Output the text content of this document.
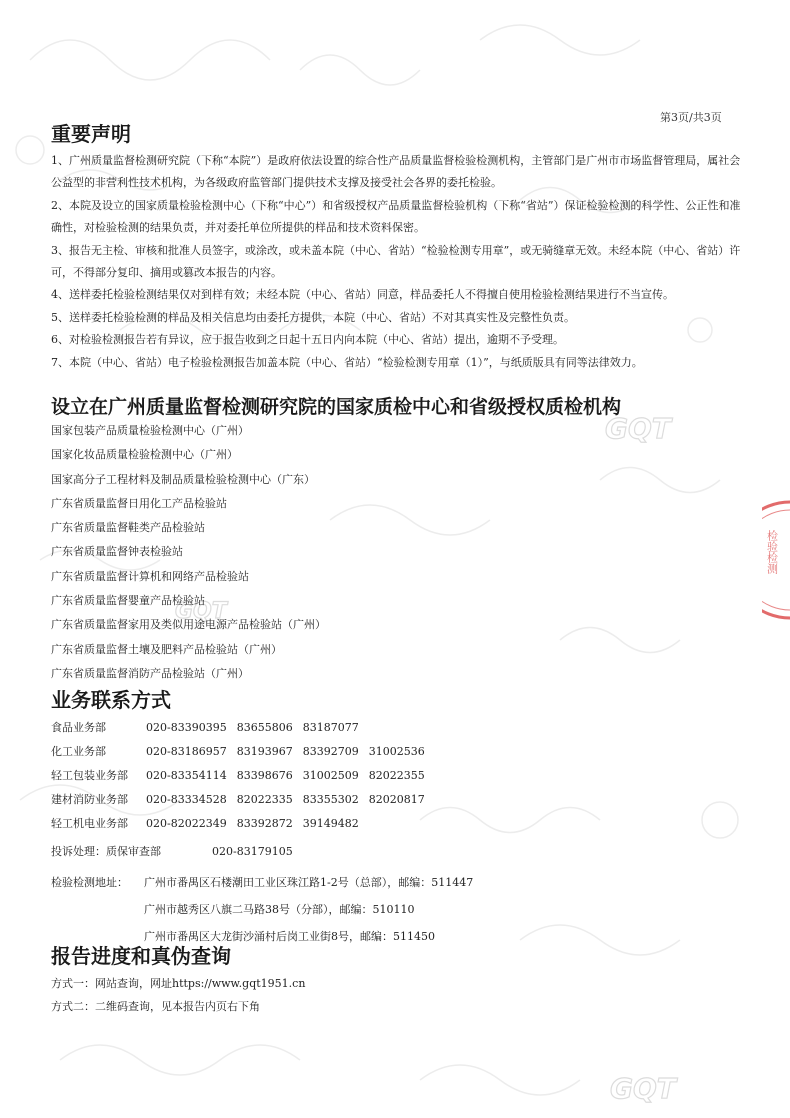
GQT
GQT
GQT
第3页/共3页
重要声明

1、广州质量监督检测研究院（下称“本院”）是政府依法设置的综合性产品质量监督检验检测机构，主管部门是广州市市场监督管理局，属社会公益型的非营利性技术机构，为各级政府监管部门提供技术支撑及接受社会各界的委托检验。

2、本院及设立的国家质量检验检测中心（下称“中心”）和省级授权产品质量监督检验机构（下称“省站”）保证检验检测的科学性、公正性和准确性，对检验检测的结果负责，并对委托单位所提供的样品和技术资料保密。

3、报告无主检、审核和批准人员签字，或涂改，或未盖本院（中心、省站）“检验检测专用章”，或无骑缝章无效。未经本院（中心、省站）许可，不得部分复印、摘用或篡改本报告的内容。

4、送样委托检验检测结果仅对到样有效；未经本院（中心、省站）同意，样品委托人不得擅自使用检验检测结果进行不当宣传。

5、送样委托检验检测的样品及相关信息均由委托方提供，本院（中心、省站）不对其真实性及完整性负责。

6、对检验检测报告若有异议，应于报告收到之日起十五日内向本院（中心、省站）提出，逾期不予受理。

7、本院（中心、省站）电子检验检测报告加盖本院（中心、省站）“检验检测专用章（1）”，与纸质版具有同等法律效力。

设立在广州质量监督检测研究院的国家质检中心和省级授权质检机构
国家包装产品质量检验检测中心（广州）
国家化妆品质量检验检测中心（广州）
国家高分子工程材料及制品质量检验检测中心（广东）
广东省质量监督日用化工产品检验站
广东省质量监督鞋类产品检验站
广东省质量监督钟表检验站
广东省质量监督计算机和网络产品检验站
广东省质量监督婴童产品检验站
广东省质量监督家用及类似用途电源产品检验站（广州）
广东省质量监督土壤及肥料产品检验站（广州）
广东省质量监督消防产品检验站（广州）
业务联系方式
食品业务部	020-83390395 83655806 83187077
化工业务部	020-83186957 83193967 83392709 31002536
轻工包装业务部 020-83354114 83398676 31002509 82022355
建材消防业务部 020-83334528 82022335 83355302 82020817
轻工机电业务部 020-82022349 83392872 39149482
投诉处理：质保审查部	020-83179105
检验检测地址： 广州市番禺区石楼潮田工业区珠江路1-2号（总部），邮编：511447
广州市越秀区八旗二马路38号（分部），邮编：510110
广州市番禺区大龙街沙涌村后岗工业街8号，邮编：511450
报告进度和真伪查询
方式一：网站查询，网址https://www.gqt1951.cn
方式二：二维码查询，见本报告内页右下角
检验检测
